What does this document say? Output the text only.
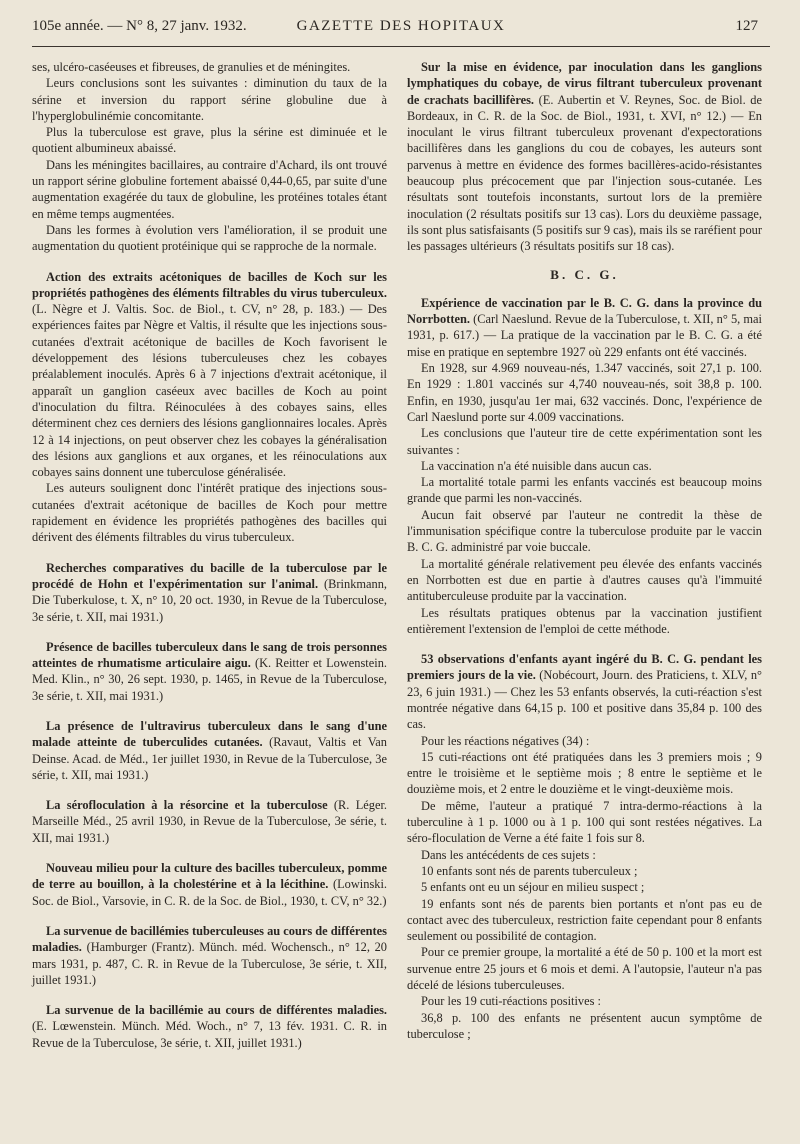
105e année. — N° 8, 27 janv. 1932.	GAZETTE DES HOPITAUX	127

ses, ulcéro-caséeuses et fibreuses, de granulies et de méningites.

Leurs conclusions sont les suivantes : diminution du taux de la sérine et inversion du rapport sérine globuline due à l'hyperglobulinémie concomitante.

Plus la tuberculose est grave, plus la sérine est diminuée et le quotient albumineux abaissé.

Dans les méningites bacillaires, au contraire d'Achard, ils ont trouvé un rapport sérine globuline fortement abaissé 0,44-0,65, par suite d'une augmentation exagérée du taux de globuline, les protéines totales étant en même temps augmentées.

Dans les formes à évolution vers l'amélioration, il se produit une augmentation du quotient protéinique qui se rapproche de la normale.

Action des extraits acétoniques de bacilles de Koch sur les propriétés pathogènes des éléments filtrables du virus tuberculeux. (L. Nègre et J. Valtis. Soc. de Biol., t. CV, n° 28, p. 183.) — Des expériences faites par Nègre et Valtis, il résulte que les injections sous-cutanées d'extrait acétonique de bacilles de Koch favorisent le développement des lésions tuberculeuses chez les cobayes préalablement inoculés. Après 6 à 7 injections d'extrait acétonique, il apparaît un ganglion caséeux avec bacilles de Koch au point d'inoculation du filtra. Réinoculées à des cobayes sains, elles déterminent chez ces derniers des lésions ganglionnaires locales. Après 12 à 14 injections, on peut observer chez les cobayes la généralisation des lésions aux ganglions et aux organes, et les réinoculations aux cobayes sains donnent une tuberculose généralisée.

Les auteurs soulignent donc l'intérêt pratique des injections sous-cutanées d'extrait acétonique de bacilles de Koch pour mettre rapidement en évidence les propriétés pathogènes des bacilles qui dérivent des éléments filtrables du virus tuberculeux.

Recherches comparatives du bacille de la tuberculose par le procédé de Hohn et l'expérimentation sur l'animal. (Brinkmann, Die Tuberkulose, t. X, n° 10, 20 oct. 1930, in Revue de la Tuberculose, 3e série, t. XII, mai 1931.)

Présence de bacilles tuberculeux dans le sang de trois personnes atteintes de rhumatisme articulaire aigu. (K. Reitter et Lowenstein. Med. Klin., n° 30, 26 sept. 1930, p. 1465, in Revue de la Tuberculose, 3e série, t. XII, mai 1931.)

La présence de l'ultravirus tuberculeux dans le sang d'une malade atteinte de tuberculides cutanées. (Ravaut, Valtis et Van Deinse. Acad. de Méd., 1er juillet 1930, in Revue de la Tuberculose, 3e série, t. XII, mai 1931.)

La sérofloculation à la résorcine et la tuberculose (R. Léger. Marseille Méd., 25 avril 1930, in Revue de la Tuberculose, 3e série, t. XII, mai 1931.)

Nouveau milieu pour la culture des bacilles tuberculeux, pomme de terre au bouillon, à la cholestérine et à la lécithine. (Lowinski. Soc. de Biol., Varsovie, in C. R. de la Soc. de Biol., 1930, t. CV, n° 32.)

La survenue de bacillémies tuberculeuses au cours de différentes maladies. (Hamburger (Frantz). Münch. méd. Wochensch., n° 12, 20 mars 1931, p. 487, C. R. in Revue de la Tuberculose, 3e série, t. XII, juillet 1931.)

La survenue de la bacillémie au cours de différentes maladies. (E. Lœwenstein. Münch. Méd. Woch., n° 7, 13 fév. 1931. C. R. in Revue de la Tuberculose, 3e série, t. XII, juillet 1931.)

Sur la mise en évidence, par inoculation dans les ganglions lymphatiques du cobaye, de virus filtrant tuberculeux provenant de crachats bacillifères. (E. Aubertin et V. Reynes, Soc. de Biol. de Bordeaux, in C. R. de la Soc. de Biol., 1931, t. XVI, n° 12.) — En inoculant le virus filtrant tuberculeux provenant d'expectorations bacillifères dans les ganglions du cou de cobayes, les auteurs sont parvenus à mettre en évidence des formes bacillères-acido-résistantes beaucoup plus précocement que par l'injection sous-cutanée. Les résultats sont toutefois inconstants, surtout lors de la première inoculation (2 résultats positifs sur 13 cas). Lors du deuxième passage, ils sont plus satisfaisants (5 positifs sur 9 cas), mais ils se raréfient pour les passages ultérieurs (3 résultats positifs sur 18 cas).

B. C. G.

Expérience de vaccination par le B. C. G. dans la province du Norrbotten. (Carl Naeslund. Revue de la Tuberculose, t. XII, n° 5, mai 1931, p. 617.) — La pratique de la vaccination par le B. C. G. a été mise en pratique en septembre 1927 où 229 enfants ont été vaccinés.

En 1928, sur 4.969 nouveau-nés, 1.347 vaccinés, soit 27,1 p. 100. En 1929 : 1.801 vaccinés sur 4,740 nouveau-nés, soit 38,8 p. 100. Enfin, en 1930, jusqu'au 1er mai, 632 vaccinés. Donc, l'expérience de Carl Naeslund porte sur 4.009 vaccinations.

Les conclusions que l'auteur tire de cette expérimentation sont les suivantes :

La vaccination n'a été nuisible dans aucun cas.

La mortalité totale parmi les enfants vaccinés est beaucoup moins grande que parmi les non-vaccinés.

Aucun fait observé par l'auteur ne contredit la thèse de l'immunisation spécifique contre la tuberculose produite par le vaccin B. C. G. administré par voie buccale.

La mortalité générale relativement peu élevée des enfants vaccinés en Norrbotten est due en partie à d'autres causes qu'à l'immuité antituberculeuse produite par la vaccination.

Les résultats pratiques obtenus par la vaccination justifient entièrement l'extension de l'emploi de cette méthode.

53 observations d'enfants ayant ingéré du B. C. G. pendant les premiers jours de la vie. (Nobécourt, Journ. des Praticiens, t. XLV, n° 23, 6 juin 1931.) — Chez les 53 enfants observés, la cuti-réaction s'est montrée négative dans 64,15 p. 100 et positive dans 35,84 p. 100 des cas.

Pour les réactions négatives (34) :

15 cuti-réactions ont été pratiquées dans les 3 premiers mois ; 9 entre le troisième et le septième mois ; 8 entre le septième et le douzième mois, et 2 entre le douzième et le vingt-deuxième mois.

De même, l'auteur a pratiqué 7 intra-dermo-réactions à la tuberculine à 1 p. 1000 ou à 1 p. 100 qui sont restées négatives. La séro-floculation de Verne a été faite 1 fois sur 8.

Dans les antécédents de ces sujets :

10 enfants sont nés de parents tuberculeux ;

5 enfants ont eu un séjour en milieu suspect ;

19 enfants sont nés de parents bien portants et n'ont pas eu de contact avec des tuberculeux, restriction faite cependant pour 8 enfants seulement ou possibilité de contagion.

Pour ce premier groupe, la mortalité a été de 50 p. 100 et la mort est survenue entre 25 jours et 6 mois et demi. A l'autopsie, l'auteur n'a pas décelé de lésions tuberculeuses.

Pour les 19 cuti-réactions positives :

36,8 p. 100 des enfants ne présentent aucun symptôme de tuberculose ;
